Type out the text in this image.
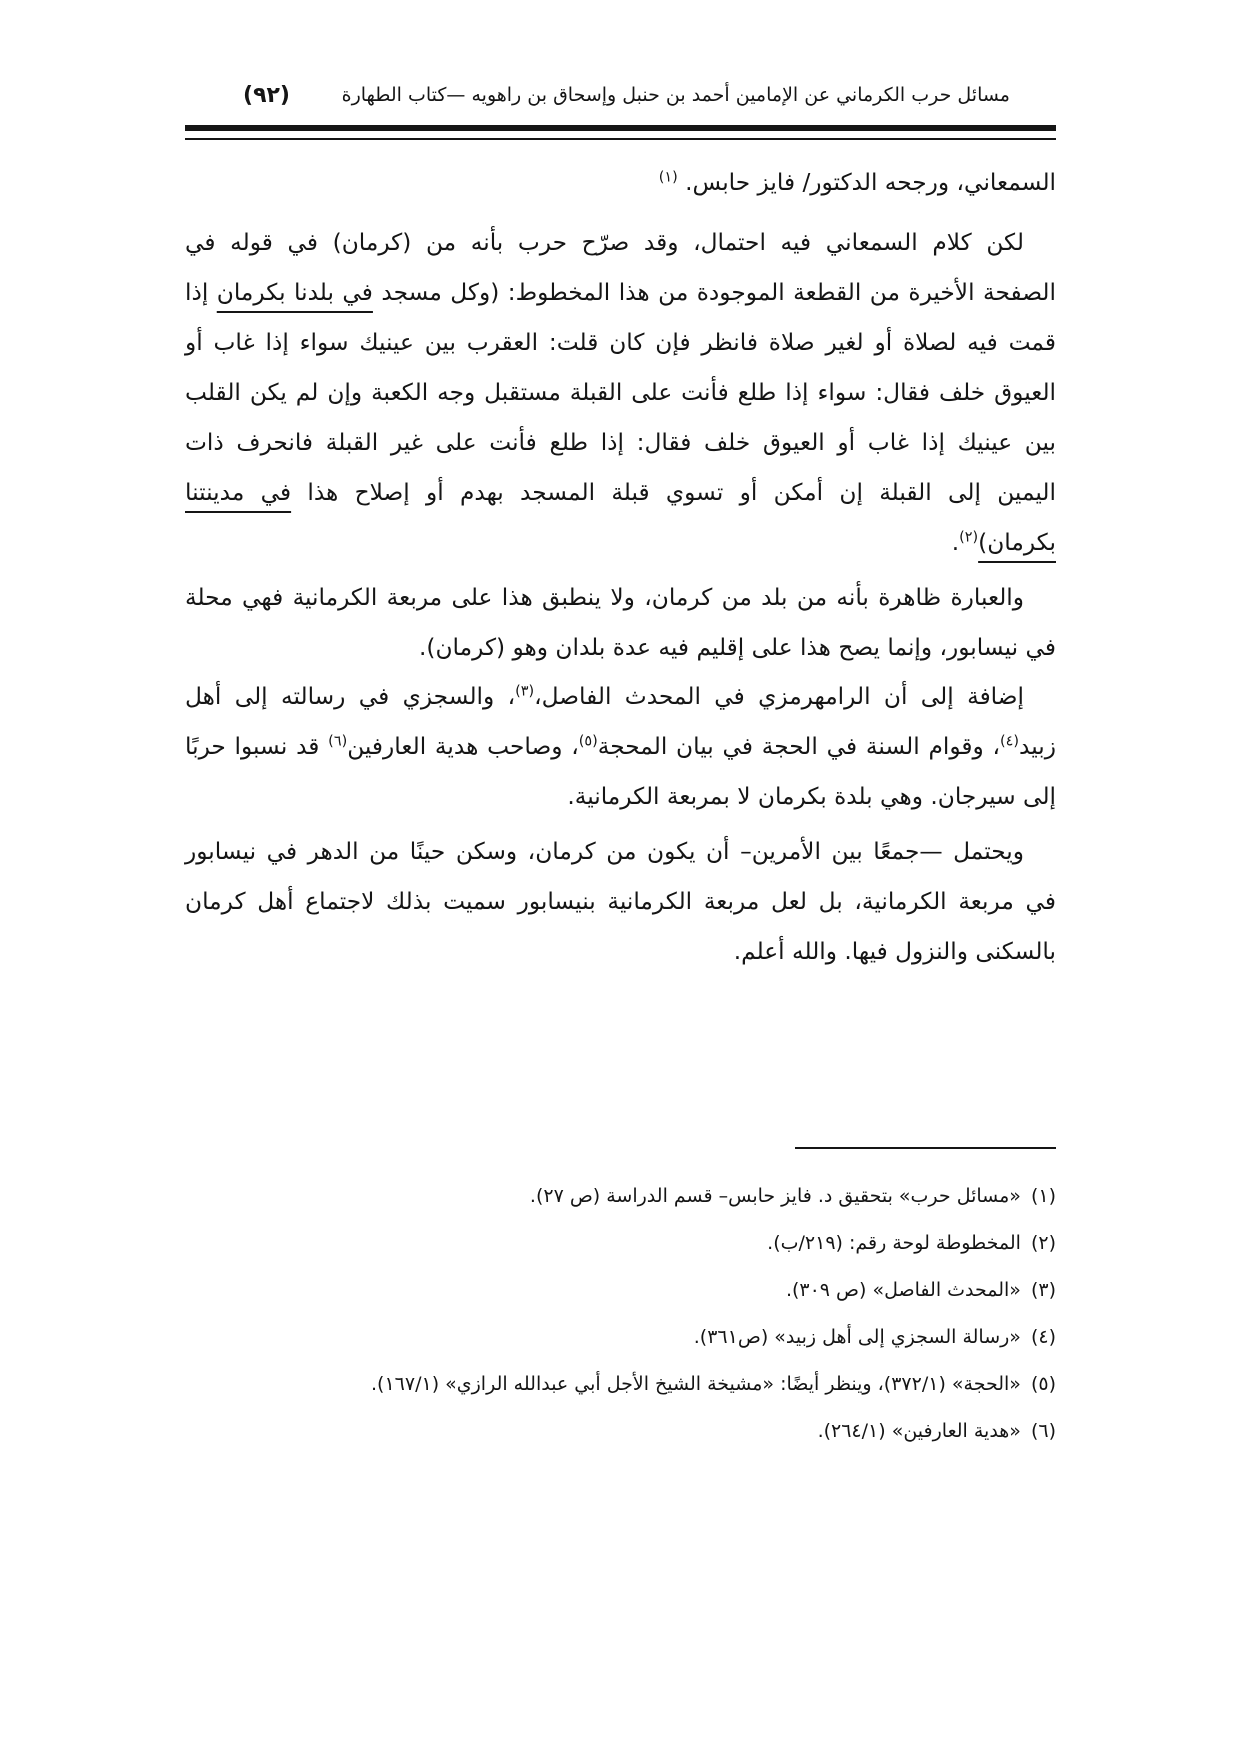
مسائل حرب الكرماني عن الإمامين أحمد بن حنبل وإسحاق بن راهويه —كتاب الطهارة
(٩٢)
السمعاني، ورجحه الدكتور/ فايز حابس. $^{(١)}$
لكن كلام السمعاني فيه احتمال، وقد صرّح حرب بأنه من (كرمان) في قوله في
الصفحة الأخيرة من القطعة الموجودة من هذا المخطوط: (وكل مسجد في بلدنا بكرمان إذا
قمت فيه لصلاة أو لغير صلاة فانظر فإن كان قلت: العقرب بين عينيك سواء إذا غاب أو
العيوق خلف فقال: سواء إذا طلع فأنت على القبلة مستقبل وجه الكعبة وإن لم يكن القلب
بين عينيك إذا غاب أو العيوق خلف فقال: إذا طلع فأنت على غير القبلة فانحرف ذات
اليمين إلى القبلة إن أمكن أو تسوي قبلة المسجد بهدم أو إصلاح هذا في مدينتنا
بكرمان)$^{(٢)}$.
والعبارة ظاهرة بأنه من بلد من كرمان، ولا ينطبق هذا على مربعة الكرمانية فهي محلة
في نيسابور، وإنما يصح هذا على إقليم فيه عدة بلدان وهو (كرمان).
إضافة إلى أن الرامهرمزي في المحدث الفاصل،$^{(٣)}$، والسجزي في رسالته إلى أهل
زبيد$^{(٤)}$، وقوام السنة في الحجة في بيان المحجة$^{(٥)}$، وصاحب هدية العارفين$^{(٦)}$ قد نسبوا حربًا
إلى سيرجان. وهي بلدة بكرمان لا بمربعة الكرمانية.
ويحتمل —جمعًا بين الأمرين– أن يكون من كرمان، وسكن حينًا من الدهر في نيسابور
في مربعة الكرمانية، بل لعل مربعة الكرمانية بنيسابور سميت بذلك لاجتماع أهل كرمان
بالسكنى والنزول فيها. والله أعلم.
(١)«مسائل حرب» بتحقيق د. فايز حابس– قسم الدراسة (ص ٢٧).
(٢)المخطوطة لوحة رقم: (٢١٩/ب).
(٣)«المحدث الفاصل» (ص ٣٠٩).
(٤)«رسالة السجزي إلى أهل زبيد» (ص٣٦١).
(٥)«الحجة» (٣٧٢/١)، وينظر أيضًا: «مشيخة الشيخ الأجل أبي عبدالله الرازي» (١٦٧/١).
(٦)«هدية العارفين» (٢٦٤/١).
